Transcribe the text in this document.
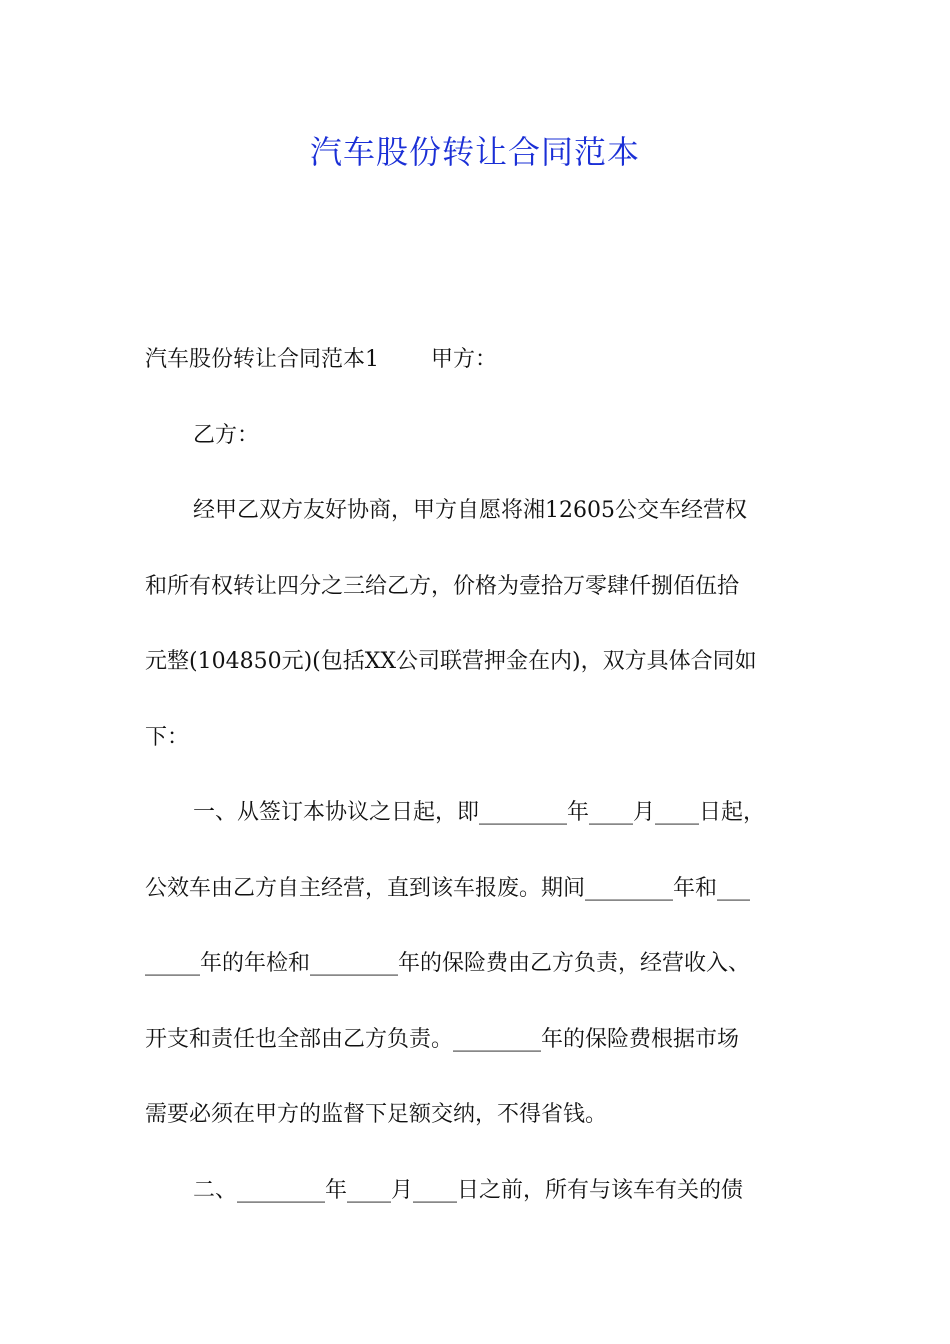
汽车股份转让合同范本
汽车股份转让合同范本1 甲方：
乙方：
经甲乙双方友好协商，甲方自愿将湘12605公交车经营权
和所有权转让四分之三给乙方，价格为壹拾万零肆仟捌佰伍拾
元整(104850元)(包括XX公司联营押金在内)，双方具体合同如
下：
一、从签订本协议之日起，即________年____月____日起，
公效车由乙方自主经营，直到该车报废。期间________年和___
_____年的年检和________年的保险费由乙方负责，经营收入、
开支和责任也全部由乙方负责。________年的保险费根据市场
需要必须在甲方的监督下足额交纳，不得省钱。
二、________年____月____日之前，所有与该车有关的债
